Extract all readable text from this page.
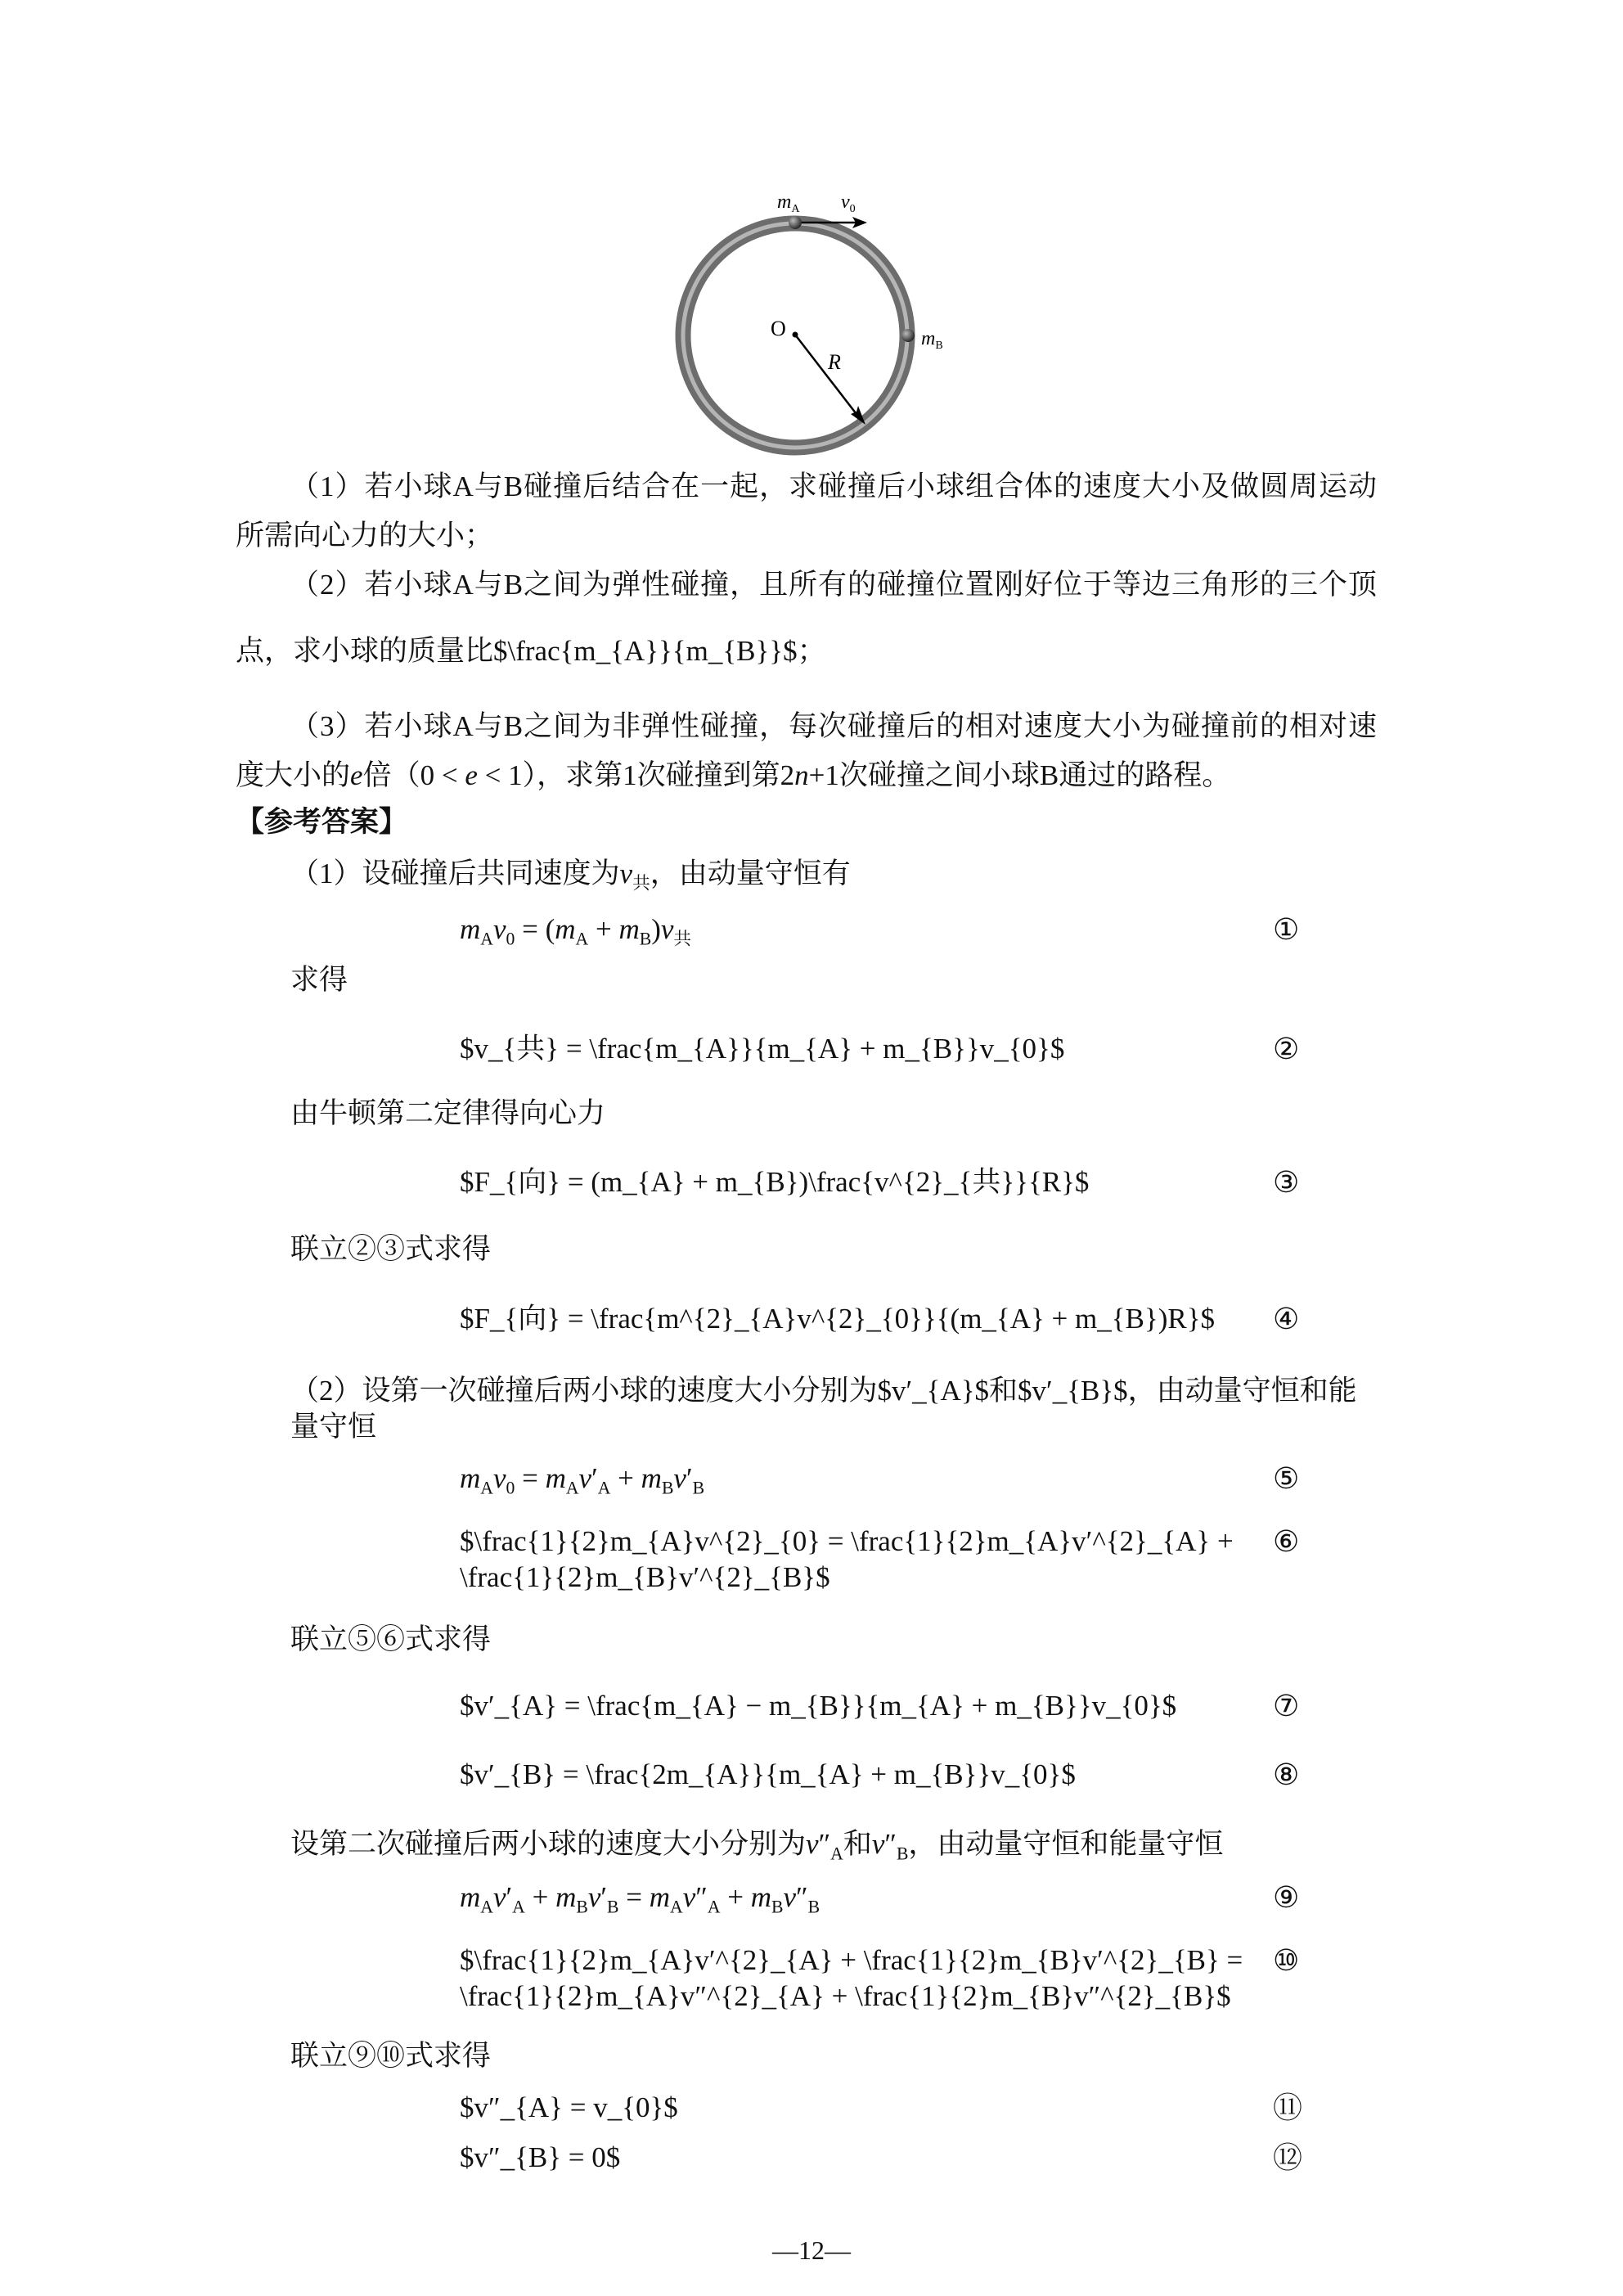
$m_A$ $v_0$
O
R
$m_B$
（1）若小球A与B碰撞后结合在一起，求碰撞后小球组合体的速度大小及做圆周运动
所需向心力的大小；
（2）若小球A与B之间为弹性碰撞，且所有的碰撞位置刚好位于等边三角形的三个顶
点，求小球的质量比$\frac{m_{A}}{m_{B}}$；
（3）若小球A与B之间为非弹性碰撞，每次碰撞后的相对速度大小为碰撞前的相对速
度大小的e倍（0 < e < 1），求第1次碰撞到第2n+1次碰撞之间小球B通过的路程。
【参考答案】
（1）设碰撞后共同速度为$v_共$，由动量守恒有
$m_Av_0 = (m_A + m_B)v_共$	①
求得
$v_{共} = \frac{m_{A}}{m_{A} + m_{B}}v_{0}$	②
由牛顿第二定律得向心力
$F_{向} = (m_{A} + m_{B})\frac{v^{2}_{共}}{R}$	③
联立②③式求得
$F_{向} = \frac{m^{2}_{A}v^{2}_{0}}{(m_{A} + m_{B})R}$	④
（2）设第一次碰撞后两小球的速度大小分别为$v′_{A}$和$v′_{B}$，由动量守恒和能量守恒
$m_Av_0 = m_Av'_A + m_Bv'_B$	⑤
$\frac{1}{2}m_{A}v^{2}_{0} = \frac{1}{2}m_{A}v′^{2}_{A} + \frac{1}{2}m_{B}v′^{2}_{B}$
⑥
联立⑤⑥式求得
$v′_{A} = \frac{m_{A} − m_{B}}{m_{A} + m_{B}}v_{0}$	⑦
$v′_{B} = \frac{2m_{A}}{m_{A} + m_{B}}v_{0}$	⑧
设第二次碰撞后两小球的速度大小分别为$v''_A$和$v''_B$，由动量守恒和能量守恒
$m_Av'_A + m_Bv'_B = m_Av''_A + m_Bv''_B$	⑨
$\frac{1}{2}m_{A}v′^{2}_{A} + \frac{1}{2}m_{B}v′^{2}_{B} = \frac{1}{2}m_{A}v″^{2}_{A} + \frac{1}{2}m_{B}v″^{2}_{B}$
⑩
联立⑨⑩式求得
$v″_{A} = v_{0}$	⑪
$v″_{B} = 0$	⑫
—12—
